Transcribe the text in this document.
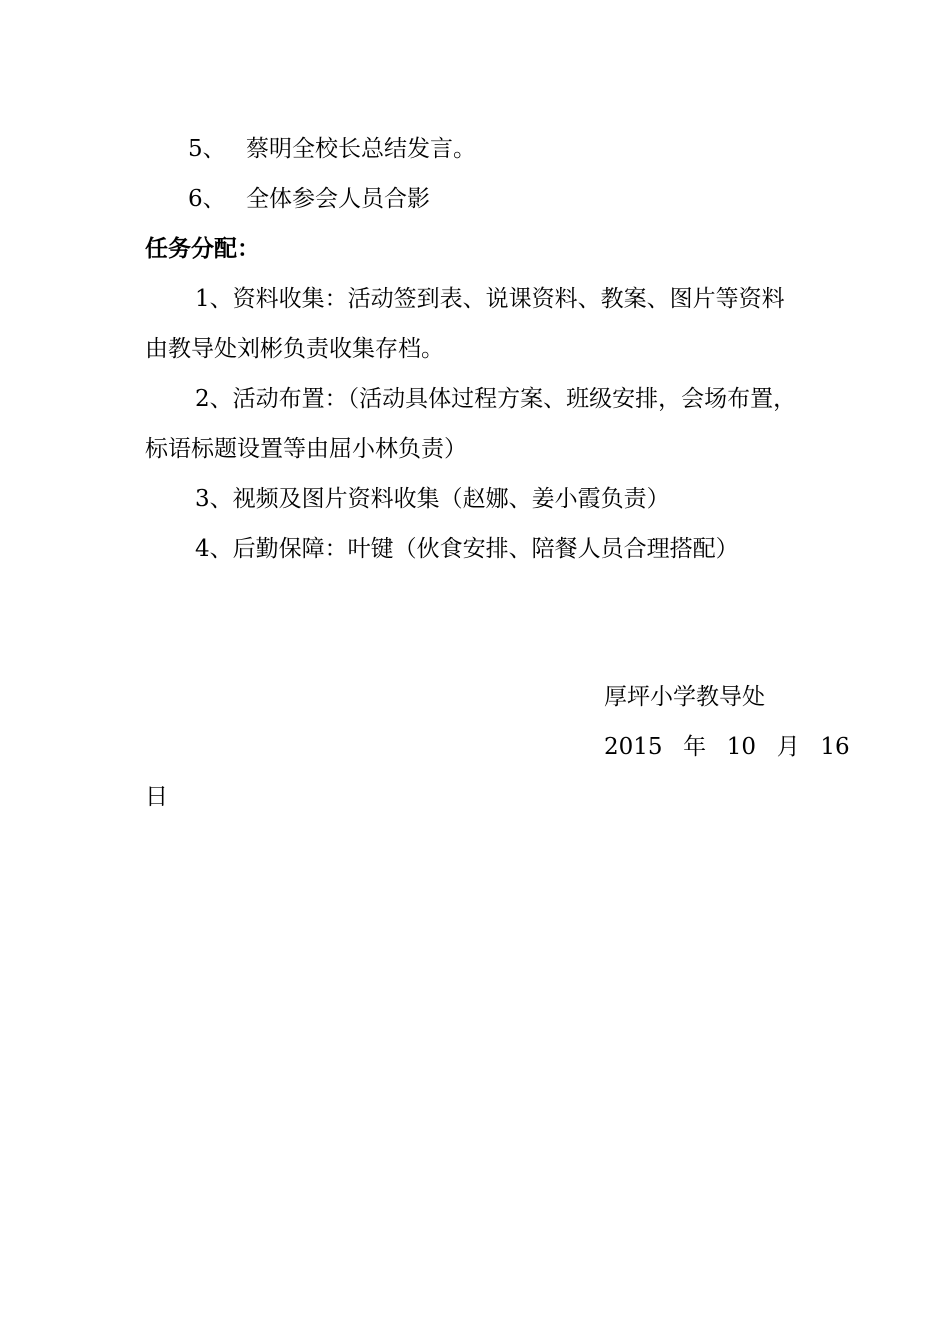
5、 蔡明全校长总结发言。
6、 全体参会人员合影
任务分配：
1、资料收集：活动签到表、说课资料、教案、图片等资料
由教导处刘彬负责收集存档。
2、活动布置：（活动具体过程方案、班级安排，会场布置，
标语标题设置等由屈小林负责）
3、视频及图片资料收集（赵娜、姜小霞负责）
4、后勤保障：叶键（伙食安排、陪餐人员合理搭配）
厚坪小学教导处
2015 年 10 月 16
日
